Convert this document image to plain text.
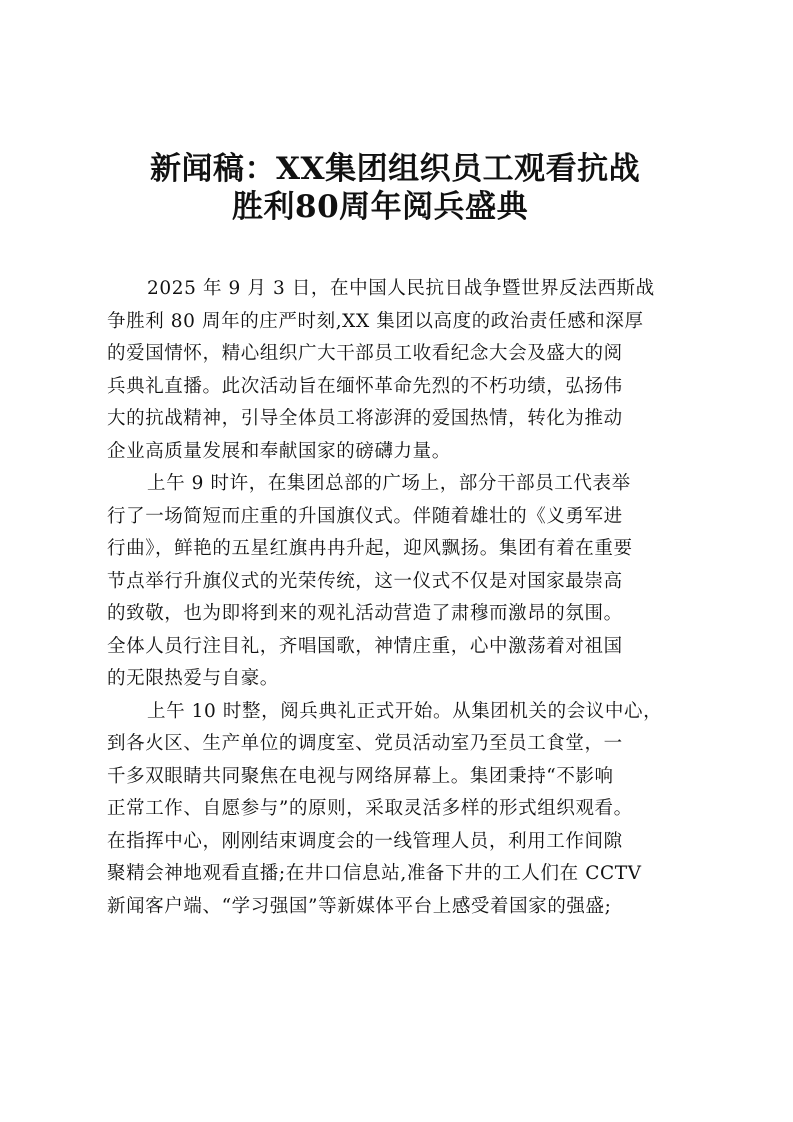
新闻稿：XX集团组织员工观看抗战
胜利80周年阅兵盛典

2025 年 9 月 3 日，在中国人民抗日战争暨世界反法西斯战
争胜利 80 周年的庄严时刻,XX 集团以高度的政治责任感和深厚
的爱国情怀，精心组织广大干部员工收看纪念大会及盛大的阅
兵典礼直播。此次活动旨在缅怀革命先烈的不朽功绩，弘扬伟
大的抗战精神，引导全体员工将澎湃的爱国热情，转化为推动
企业高质量发展和奉献国家的磅礴力量。

上午 9 时许，在集团总部的广场上，部分干部员工代表举
行了一场简短而庄重的升国旗仪式。伴随着雄壮的《义勇军进
行曲》，鲜艳的五星红旗冉冉升起，迎风飘扬。集团有着在重要
节点举行升旗仪式的光荣传统，这一仪式不仅是对国家最崇高
的致敬，也为即将到来的观礼活动营造了肃穆而激昂的氛围。
全体人员行注目礼，齐唱国歌，神情庄重，心中激荡着对祖国
的无限热爱与自豪。

上午 10 时整，阅兵典礼正式开始。从集团机关的会议中心，
到各火区、生产单位的调度室、党员活动室乃至员工食堂，一
千多双眼睛共同聚焦在电视与网络屏幕上。集团秉持“不影响
正常工作、自愿参与”的原则，采取灵活多样的形式组织观看。
在指挥中心，刚刚结束调度会的一线管理人员，利用工作间隙
聚精会神地观看直播;在井口信息站,准备下井的工人们在 CCTV
新闻客户端、“学习强国”等新媒体平台上感受着国家的强盛;
